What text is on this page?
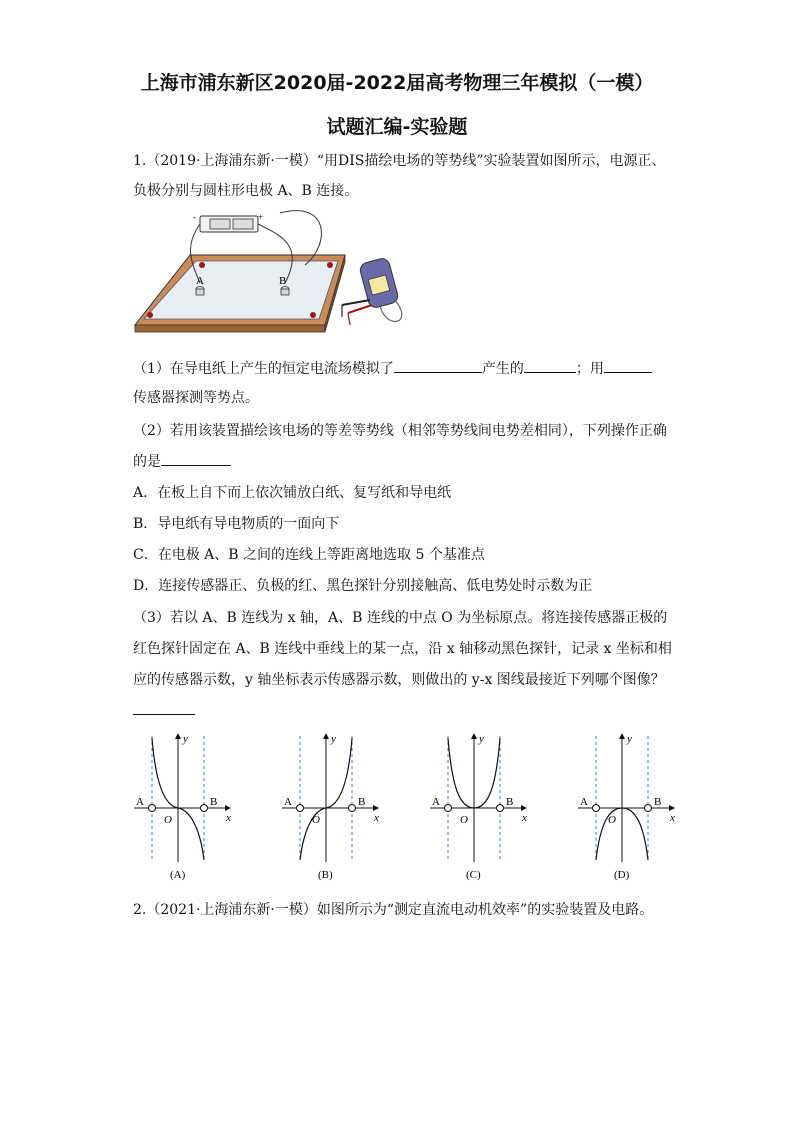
上海市浦东新区2020届-2022届高考物理三年模拟（一模）
试题汇编-实验题
1.（2019·上海浦东新·一模）“用DIS描绘电场的等势线”实验装置如图所示，电源正、
负极分别与圆柱形电极 A、B 连接。
-	+
A	B
（1）在导电纸上产生的恒定电流场模拟了	产生的	；用
传感器探测等势点。
（2）若用该装置描绘该电场的等差等势线（相邻等势线间电势差相同），下列操作正确
的是
A．在板上自下而上依次铺放白纸、复写纸和导电纸
B．导电纸有导电物质的一面向下
C．在电极 A、B 之间的连线上等距离地选取 5 个基准点
D．连接传感器正、负极的红、黑色探针分别接触高、低电势处时示数为正
（3）若以 A、B 连线为 x 轴，A、B 连线的中点 O 为坐标原点。将连接传感器正极的
红色探针固定在 A、B 连线中垂线上的某一点，沿 x 轴移动黑色探针，记录 x 坐标和相
应的传感器示数，y 轴坐标表示传感器示数，则做出的 y-x 图线最接近下列哪个图像？
A	B
O	x
y
(A)
A	B
O	x
y
(B)
A	B
O	x
y
(C)
A	B
O	x
y
(D)
2.（2021·上海浦东新·一模）如图所示为“测定直流电动机效率”的实验装置及电路。
